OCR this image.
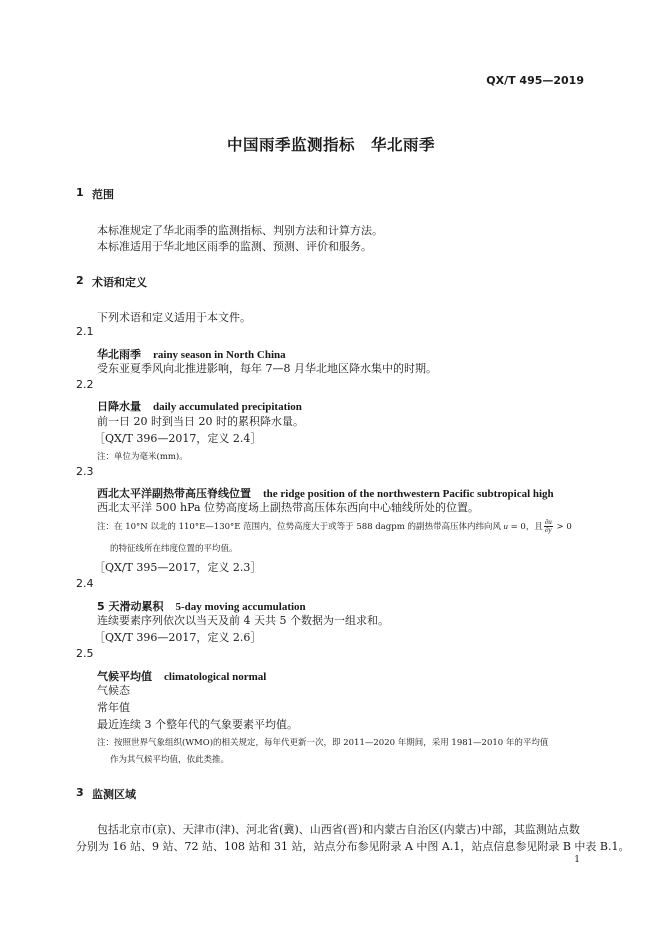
QX/T 495—2019
中国雨季监测指标　华北雨季
1 范围
本标准规定了华北雨季的监测指标、判别方法和计算方法。
本标准适用于华北地区雨季的监测、预测、评价和服务。
2 术语和定义
下列术语和定义适用于本文件。
2.1
华北雨季 rainy season in North China
受东亚夏季风向北推进影响，每年 7—8 月华北地区降水集中的时期。
2.2
日降水量 daily accumulated precipitation
前一日 20 时到当日 20 时的累积降水量。
［QX/T 396—2017，定义 2.4］
注：单位为毫米(mm)。
2.3
西北太平洋副热带高压脊线位置 the ridge position of the northwestern Pacific subtropical high
西北太平洋 500 hPa 位势高度场上副热带高压体东西向中心轴线所处的位置。
注：在 10°N 以北的 110°E—130°E 范围内，位势高度大于或等于 588 dagpm 的副热带高压体内纬向风 u = 0，且 $\frac{\partial u}{\partial y} > 0$
的特征线所在纬度位置的平均值。
［QX/T 395—2017，定义 2.3］
2.4
5 天滑动累积 5-day moving accumulation
连续要素序列依次以当天及前 4 天共 5 个数据为一组求和。
［QX/T 396—2017，定义 2.6］
2.5
气候平均值 climatological normal
气候态
常年值
最近连续 3 个整年代的气象要素平均值。
注：按照世界气象组织(WMO)的相关规定，每年代更新一次，即 2011—2020 年期间，采用 1981—2010 年的平均值
作为其气候平均值，依此类推。
3 监测区域
包括北京市(京)、天津市(津)、河北省(冀)、山西省(晋)和内蒙古自治区(内蒙古)中部，其监测站点数
分别为 16 站、9 站、72 站、108 站和 31 站，站点分布参见附录 A 中图 A.1，站点信息参见附录 B 中表 B.1。
1
